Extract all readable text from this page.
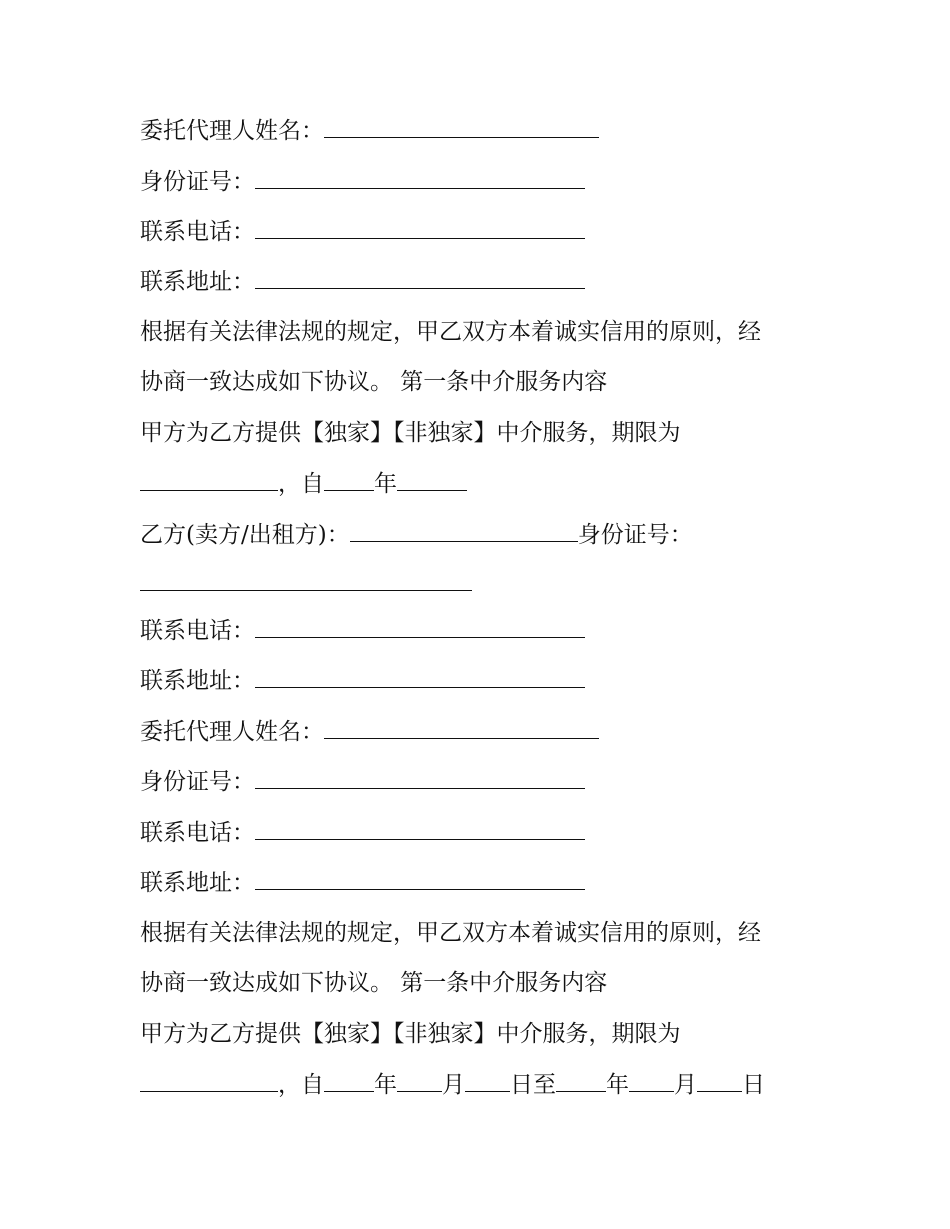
委托代理人姓名：
身份证号：
联系电话：
联系地址：
根据有关法律法规的规定，甲乙双方本着诚实信用的原则，经
协商一致达成如下协议。 第一条中介服务内容
甲方为乙方提供【独家】【非独家】中介服务，期限为
，自 年
乙方(卖方/出租方)：	身份证号：
联系电话：
联系地址：
委托代理人姓名：
身份证号：
联系电话：
联系地址：
根据有关法律法规的规定，甲乙双方本着诚实信用的原则，经
协商一致达成如下协议。 第一条中介服务内容
甲方为乙方提供【独家】【非独家】中介服务，期限为
，自 年 月 日至 年 月 日
